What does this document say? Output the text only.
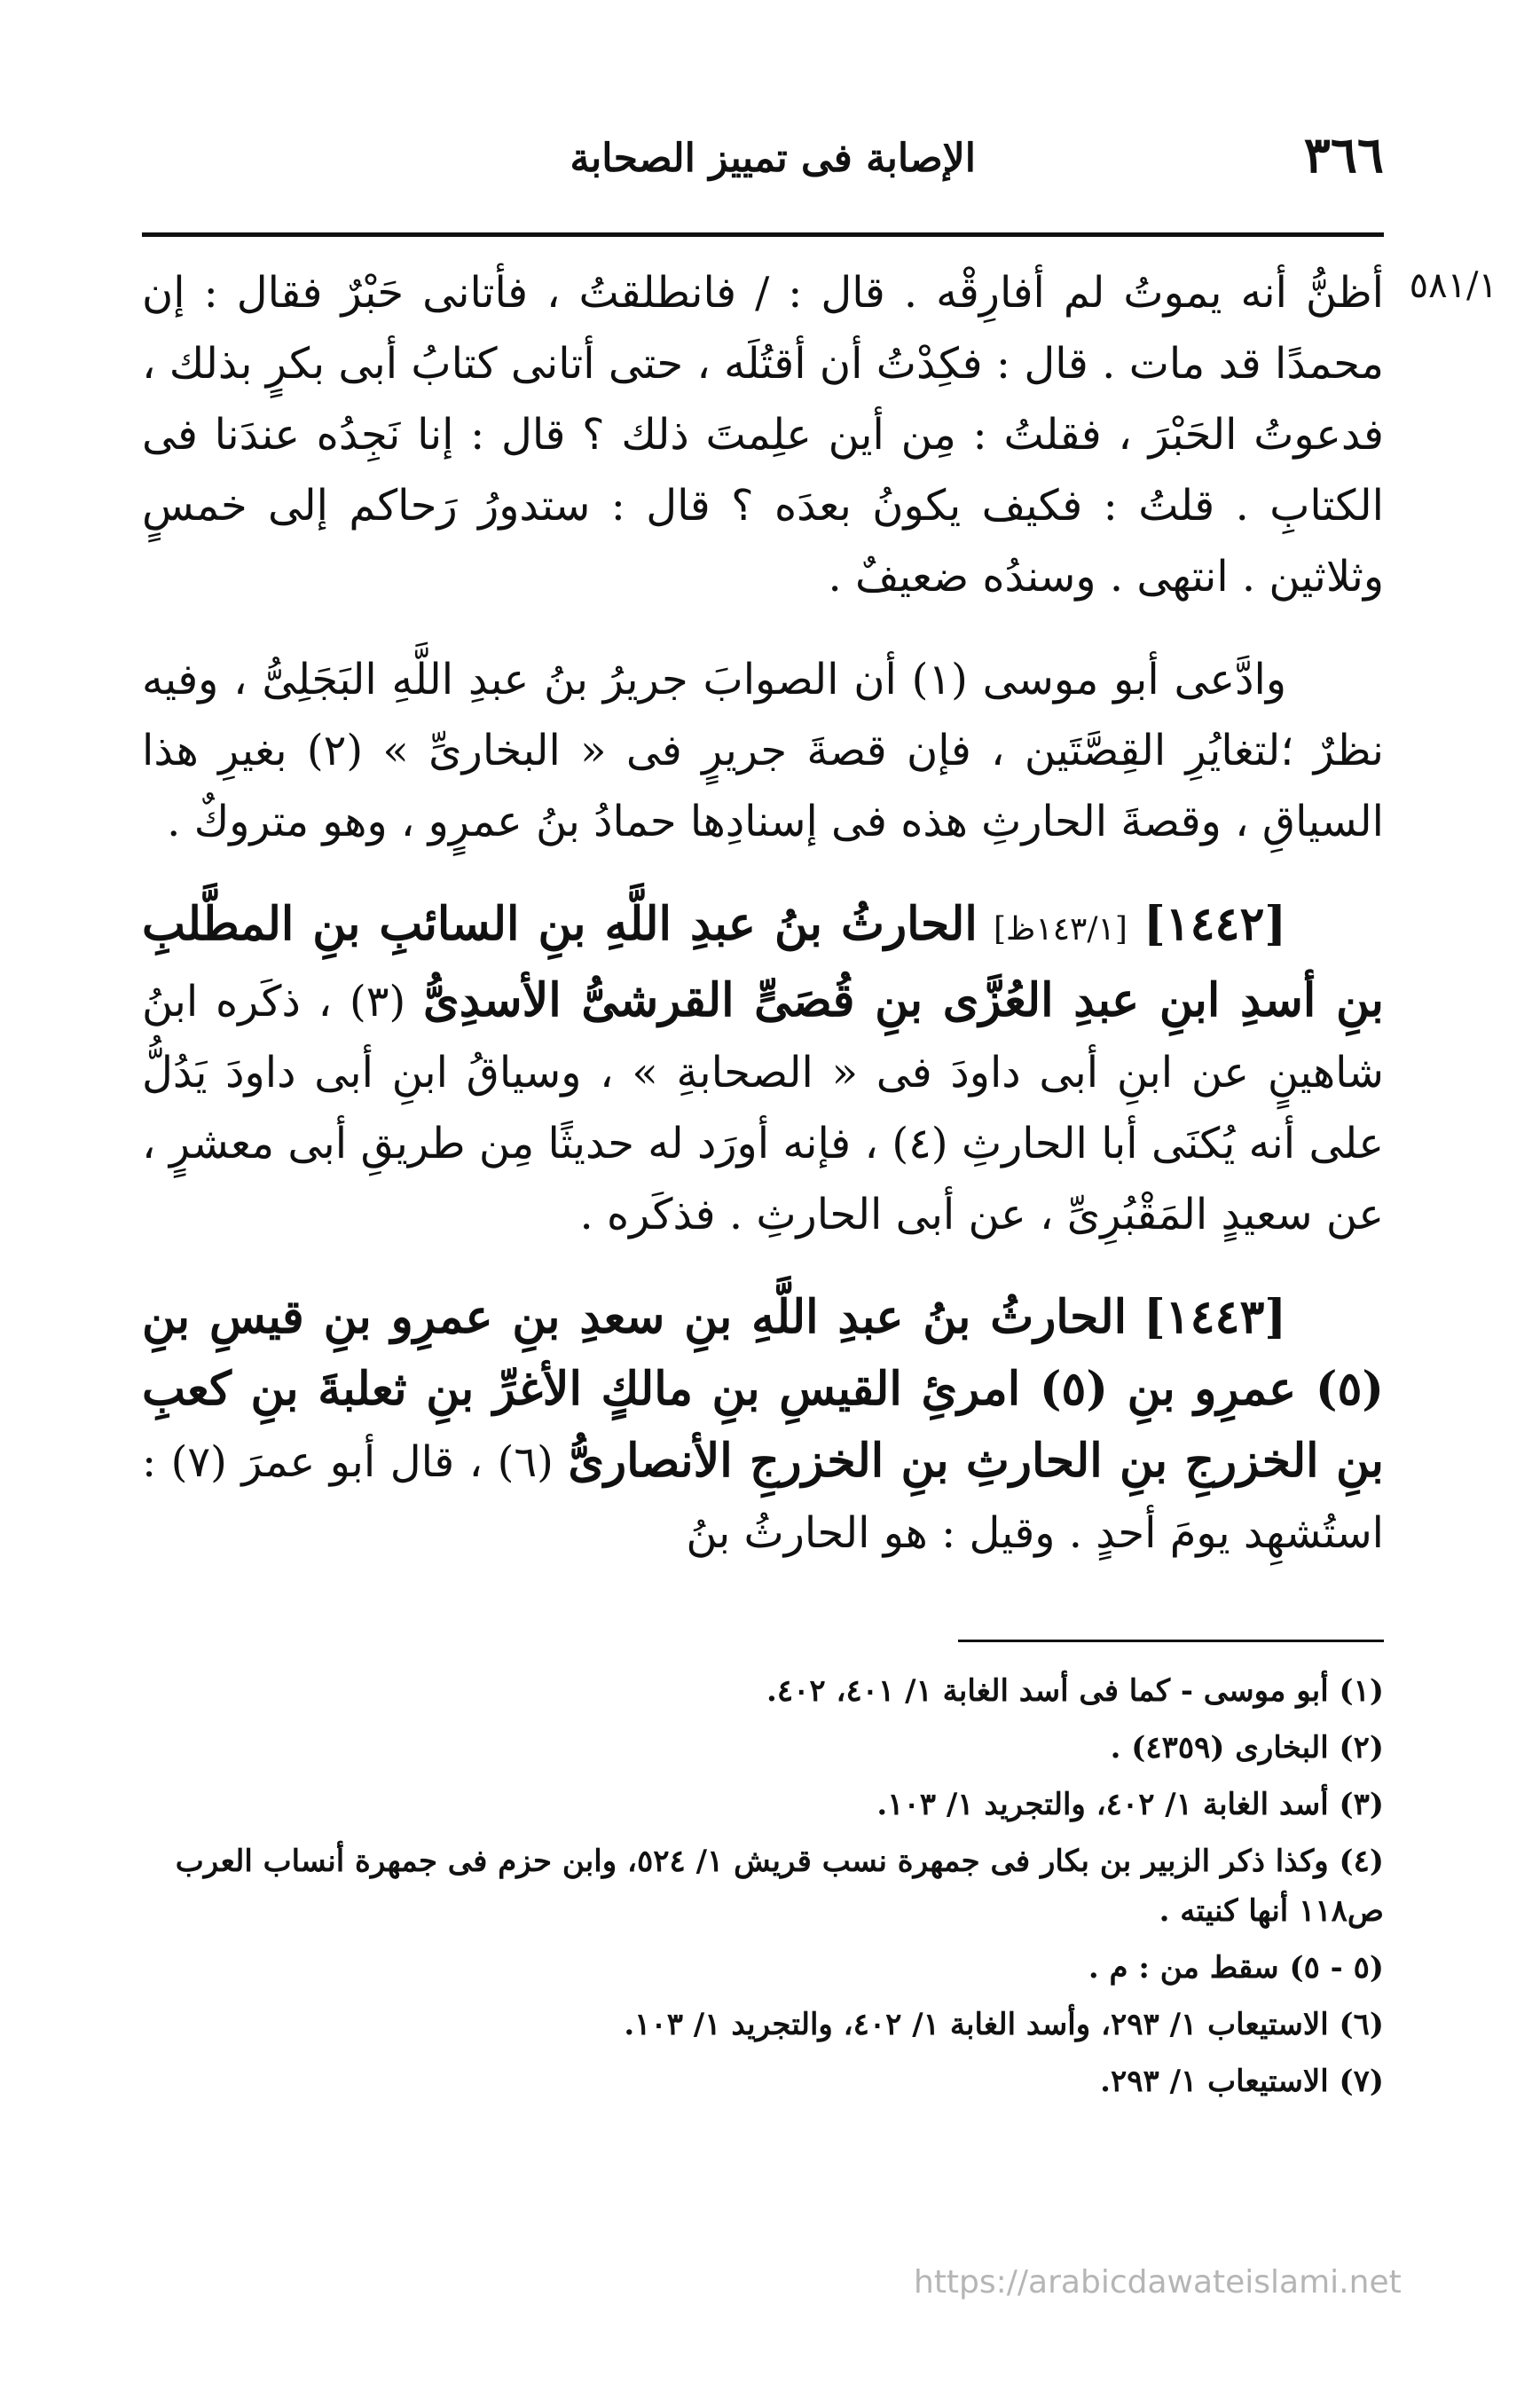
٣٦٦
الإصابة فى تمييز الصحابة
٥٨١/١

أظنُّ أنه يموتُ لم أفارِقْه . قال : / فانطلقتُ ، فأتانى حَبْرٌ فقال : إن محمدًا قد مات . قال : فكِدْتُ أن أقتُلَه ، حتى أتانى كتابُ أبى بكرٍ بذلك ، فدعوتُ الحَبْرَ ، فقلتُ : مِن أين علِمتَ ذلك ؟ قال : إنا نَجِدُه عندَنا فى الكتابِ . قلتُ : فكيف يكونُ بعدَه ؟ قال : ستدورُ رَحاكم إلى خمسٍ وثلاثين . انتهى . وسندُه ضعيفٌ .

وادَّعى أبو موسى (١) أن الصوابَ جريرُ بنُ عبدِ اللَّهِ البَجَلِىُّ ، وفيه نظرٌ ؛لتغايُرِ القِصَّتَين ، فإن قصةَ جريرٍ فى « البخارىِّ » (٢) بغيرِ هذا السياقِ ، وقصةَ الحارثِ هذه فى إسنادِها حمادُ بنُ عمرٍو ، وهو متروكٌ .

[١٤٤٢] [١٤٣/١ظ] الحارثُ بنُ عبدِ اللَّهِ بنِ السائبِ بنِ المطَّلبِ بنِ أسدِ ابنِ عبدِ العُزَّى بنِ قُصَىٍّ القرشىُّ الأسدِىُّ (٣) ، ذكَره ابنُ شاهينٍ عن ابنِ أبى داودَ فى « الصحابةِ » ، وسياقُ ابنِ أبى داودَ يَدُلُّ على أنه يُكنَى أبا الحارثِ (٤) ، فإنه أورَد له حديثًا مِن طريقِ أبى معشرٍ ، عن سعيدٍ المَقْبُرِىِّ ، عن أبى الحارثِ . فذكَره .

[١٤٤٣] الحارثُ بنُ عبدِ اللَّهِ بنِ سعدِ بنِ عمرِو بنِ قيسِ بنِ (٥) عمرِو بنِ (٥) امرئِ القيسِ بنِ مالكٍ الأغرِّ بنِ ثعلبةَ بنِ كعبِ بنِ الخزرجِ بنِ الحارثِ بنِ الخزرجِ الأنصارىُّ (٦) ، قال أبو عمرَ (٧) : استُشهِد يومَ أحدٍ . وقيل : هو الحارثُ بنُ

(١) أبو موسى - كما فى أسد الغابة ١/ ٤٠١، ٤٠٢.
(٢) البخارى (٤٣٥٩) .
(٣) أسد الغابة ١/ ٤٠٢، والتجريد ١/ ١٠٣.
(٤) وكذا ذكر الزبير بن بكار فى جمهرة نسب قريش ١/ ٥٢٤، وابن حزم فى جمهرة أنساب العرب ص١١٨ أنها كنيته .
(٥ - ٥) سقط من : م .
(٦) الاستيعاب ١/ ٢٩٣، وأسد الغابة ١/ ٤٠٢، والتجريد ١/ ١٠٣.
(٧) الاستيعاب ١/ ٢٩٣.
https://arabicdawateislami.net
